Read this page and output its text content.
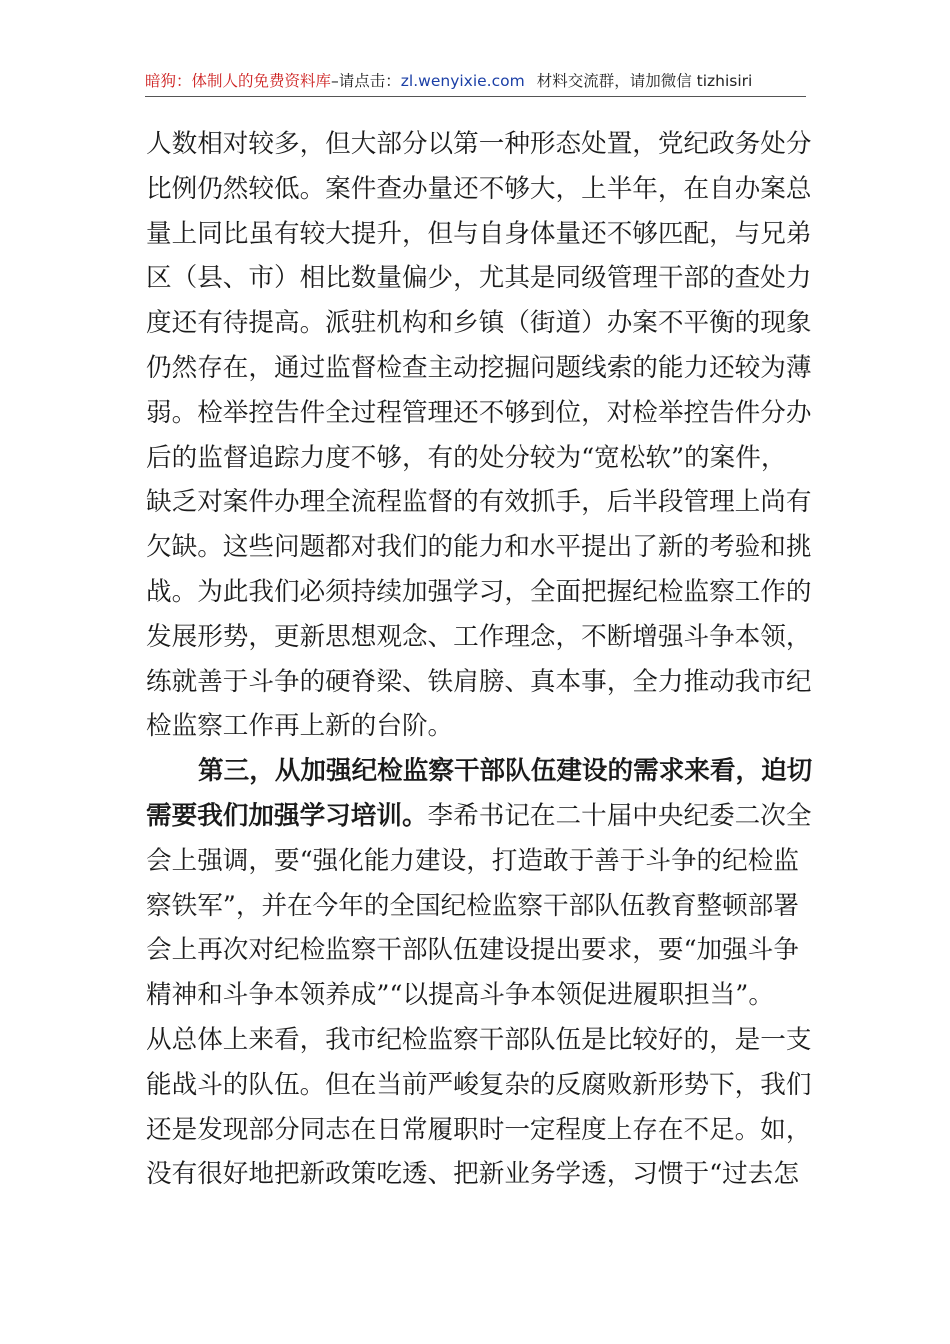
暗狗：体制人的免费资料库–请点击：zl.wenyixie.com 材料交流群，请加微信 tizhisiri
人数相对较多，但大部分以第一种形态处置，党纪政务处分
比例仍然较低。案件查办量还不够大，上半年，在自办案总
量上同比虽有较大提升，但与自身体量还不够匹配，与兄弟
区（县、市）相比数量偏少，尤其是同级管理干部的查处力
度还有待提高。派驻机构和乡镇（街道）办案不平衡的现象
仍然存在，通过监督检查主动挖掘问题线索的能力还较为薄
弱。检举控告件全过程管理还不够到位，对检举控告件分办
后的监督追踪力度不够，有的处分较为“宽松软”的案件，
缺乏对案件办理全流程监督的有效抓手，后半段管理上尚有
欠缺。这些问题都对我们的能力和水平提出了新的考验和挑
战。为此我们必须持续加强学习，全面把握纪检监察工作的
发展形势，更新思想观念、工作理念，不断增强斗争本领，
练就善于斗争的硬脊梁、铁肩膀、真本事，全力推动我市纪
检监察工作再上新的台阶。
第三，从加强纪检监察干部队伍建设的需求来看，迫切
需要我们加强学习培训。李希书记在二十届中央纪委二次全
会上强调，要“强化能力建设，打造敢于善于斗争的纪检监
察铁军”，并在今年的全国纪检监察干部队伍教育整顿部署
会上再次对纪检监察干部队伍建设提出要求，要“加强斗争
精神和斗争本领养成”“以提高斗争本领促进履职担当”。
从总体上来看，我市纪检监察干部队伍是比较好的，是一支
能战斗的队伍。但在当前严峻复杂的反腐败新形势下，我们
还是发现部分同志在日常履职时一定程度上存在不足。如，
没有很好地把新政策吃透、把新业务学透，习惯于“过去怎
